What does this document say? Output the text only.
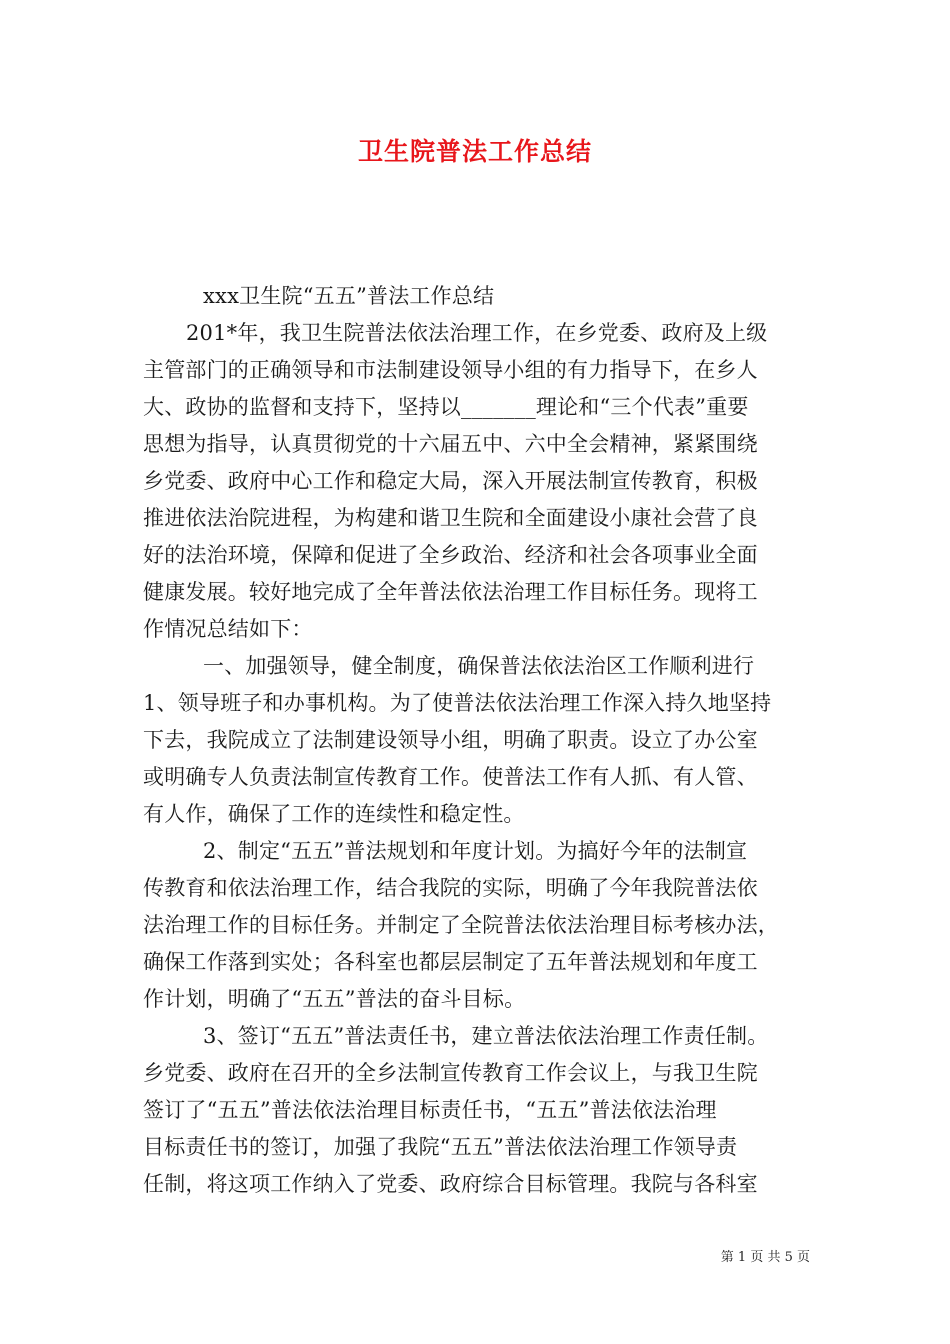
卫生院普法工作总结
xxx卫生院“五五”普法工作总结
201*年，我卫生院普法依法治理工作，在乡党委、政府及上级
主管部门的正确领导和市法制建设领导小组的有力指导下，在乡人
大、政协的监督和支持下，坚持以_______理论和“三个代表”重要
思想为指导，认真贯彻党的十六届五中、六中全会精神，紧紧围绕
乡党委、政府中心工作和稳定大局，深入开展法制宣传教育，积极
推进依法治院进程，为构建和谐卫生院和全面建设小康社会营了良
好的法治环境，保障和促进了全乡政治、经济和社会各项事业全面
健康发展。较好地完成了全年普法依法治理工作目标任务。现将工
作情况总结如下：
一、加强领导，健全制度，确保普法依法治区工作顺利进行
1、领导班子和办事机构。为了使普法依法治理工作深入持久地坚持
下去，我院成立了法制建设领导小组，明确了职责。设立了办公室
或明确专人负责法制宣传教育工作。使普法工作有人抓、有人管、
有人作，确保了工作的连续性和稳定性。
2、制定“五五”普法规划和年度计划。为搞好今年的法制宣
传教育和依法治理工作，结合我院的实际，明确了今年我院普法依
法治理工作的目标任务。并制定了全院普法依法治理目标考核办法，
确保工作落到实处；各科室也都层层制定了五年普法规划和年度工
作计划，明确了“五五”普法的奋斗目标。
3、签订“五五”普法责任书，建立普法依法治理工作责任制。
乡党委、政府在召开的全乡法制宣传教育工作会议上，与我卫生院
签订了“五五”普法依法治理目标责任书，“五五”普法依法治理
目标责任书的签订，加强了我院“五五”普法依法治理工作领导责
任制，将这项工作纳入了党委、政府综合目标管理。我院与各科室
第 1 页 共 5 页
